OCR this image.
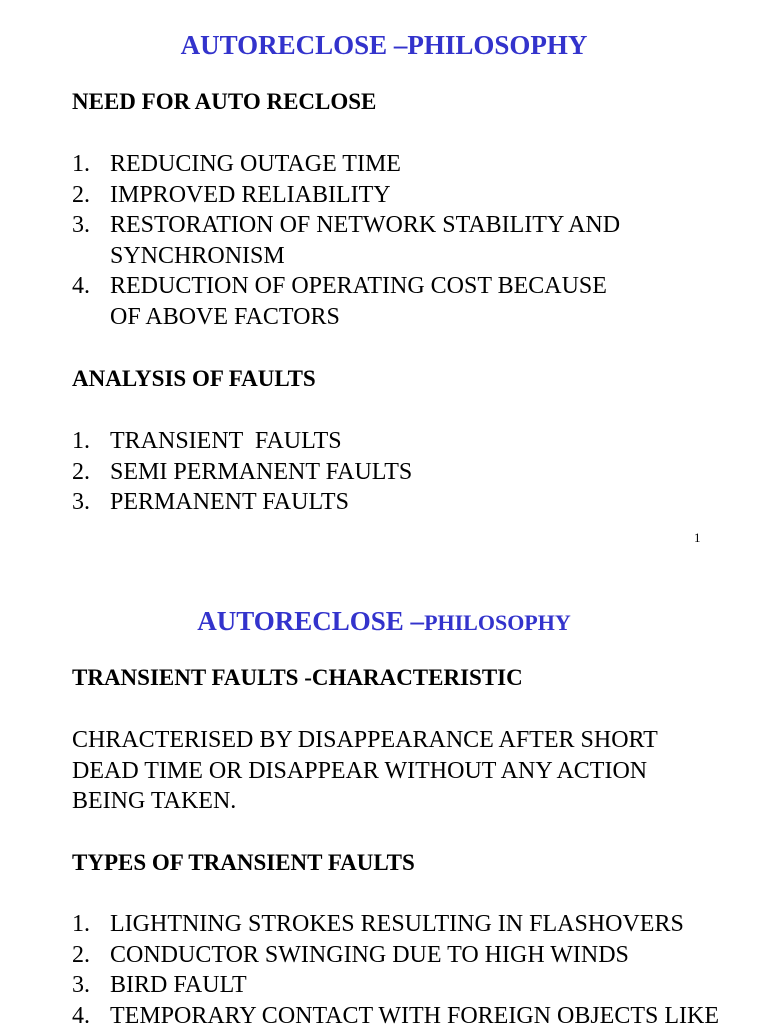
AUTORECLOSE –PHILOSOPHY
NEED FOR AUTO RECLOSE
1. REDUCING OUTAGE TIME
2. IMPROVED RELIABILITY
3. RESTORATION OF NETWORK STABILITY AND
SYNCHRONISM
4. REDUCTION OF OPERATING COST BECAUSE
OF ABOVE FACTORS
ANALYSIS OF FAULTS
1. TRANSIENT  FAULTS
2. SEMI PERMANENT FAULTS
3. PERMANENT FAULTS
1
AUTORECLOSE –PHILOSOPHY
TRANSIENT FAULTS -CHARACTERISTIC
CHRACTERISED BY DISAPPEARANCE AFTER SHORT
DEAD TIME OR DISAPPEAR WITHOUT ANY ACTION
BEING TAKEN.
TYPES OF TRANSIENT FAULTS
1. LIGHTNING STROKES RESULTING IN FLASHOVERS
2. CONDUCTOR SWINGING DUE TO HIGH WINDS
3. BIRD FAULT
4. TEMPORARY CONTACT WITH FOREIGN OBJECTS LIKE
